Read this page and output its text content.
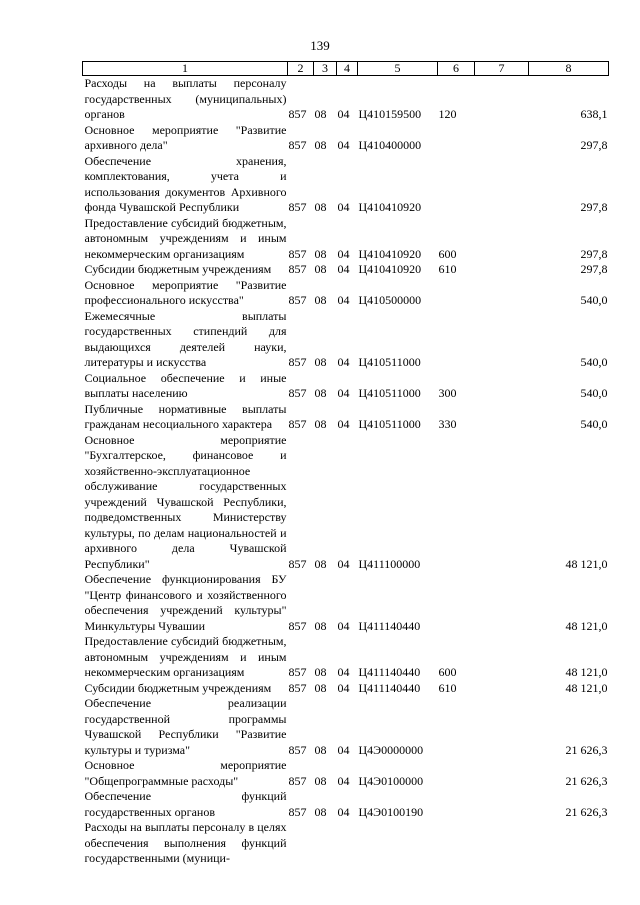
139
1	2	3	4	5	6	7	8
Расходы на выплаты персоналу государственных (муниципальных) органов	857	08	04	Ц410159500	120		638,1
Основное мероприятие "Развитие архивного дела"	857	08	04	Ц410400000			297,8
Обеспечение хранения, комплектования, учета и использования документов Архивного фонда Чувашской Республики	857	08	04	Ц410410920			297,8
Предоставление субсидий бюджетным, автономным учреждениям и иным некоммерческим организациям	857	08	04	Ц410410920	600		297,8
Субсидии бюджетным учреждениям	857	08	04	Ц410410920	610		297,8
Основное мероприятие "Развитие профессионального искусства"	857	08	04	Ц410500000			540,0
Ежемесячные выплаты государственных стипендий для выдающихся деятелей науки, литературы и искусства	857	08	04	Ц410511000			540,0
Социальное обеспечение и иные выплаты населению	857	08	04	Ц410511000	300		540,0
Публичные нормативные выплаты гражданам несоциального характера	857	08	04	Ц410511000	330		540,0
Основное мероприятие "Бухгалтерское, финансовое и хозяйственно-эксплуатационное обслуживание государственных учреждений Чувашской Республики, подведомственных Министерству культуры, по делам национальностей и архивного дела Чувашской Республики"	857	08	04	Ц411100000			48 121,0
Обеспечение функционирования БУ "Центр финансового и хозяйственного обеспечения учреждений культуры" Минкультуры Чувашии	857	08	04	Ц411140440			48 121,0
Предоставление субсидий бюджетным, автономным учреждениям и иным некоммерческим организациям	857	08	04	Ц411140440	600		48 121,0
Субсидии бюджетным учреждениям	857	08	04	Ц411140440	610		48 121,0
Обеспечение реализации государственной программы Чувашской Республики "Развитие культуры и туризма"	857	08	04	Ц4Э0000000			21 626,3
Основное мероприятие "Общепрограммные расходы"	857	08	04	Ц4Э0100000			21 626,3
Обеспечение функций государственных органов	857	08	04	Ц4Э0100190			21 626,3
Расходы на выплаты персоналу в целях обеспечения выполнения функций государственными (муници-							
